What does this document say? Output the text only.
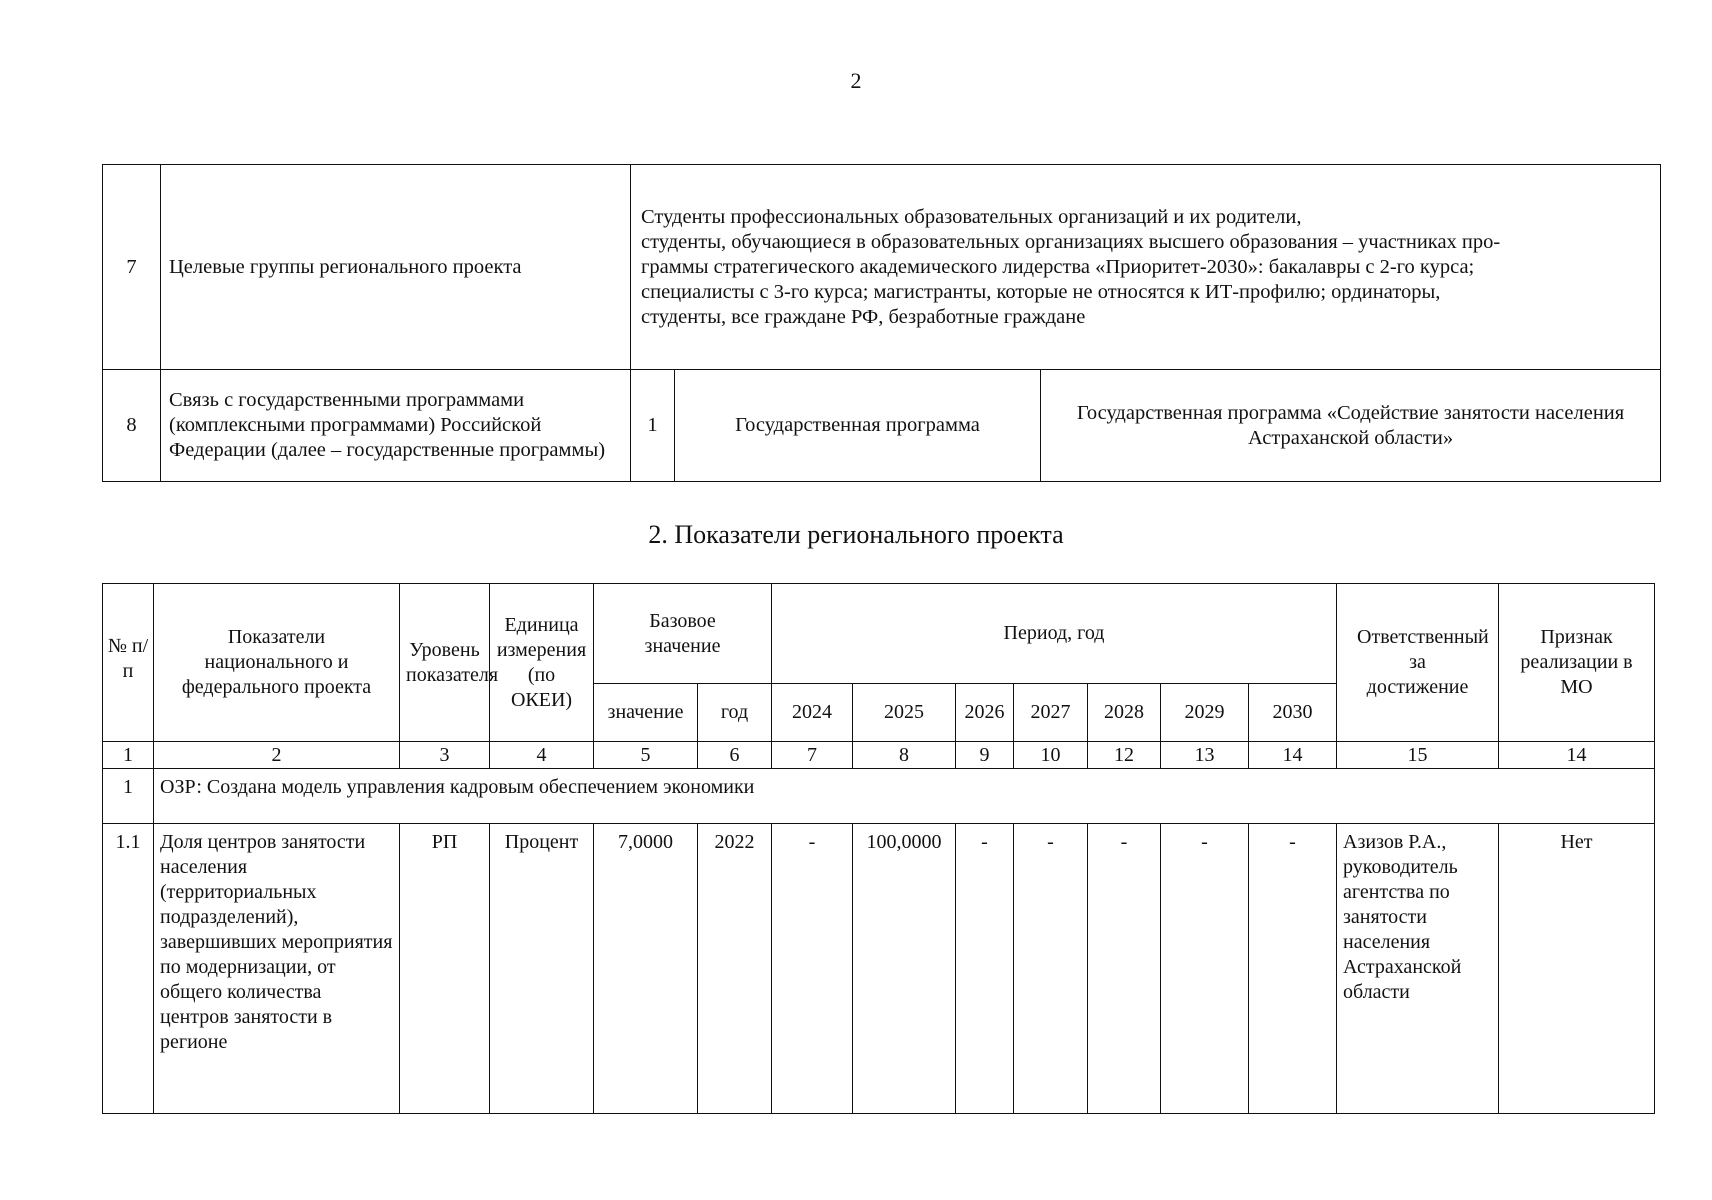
2
7	Целевые группы регионального проекта	Студенты профессиональных образовательных организаций и их родители,
студенты, обучающиеся в образовательных организациях высшего образования – участниках про-
граммы стратегического академического лидерства «Приоритет-2030»: бакалавры с 2-го курса;
специалисты с 3-го курса; магистранты, которые не относятся к ИТ-профилю; ординаторы,
студенты, все граждане РФ, безработные граждане		

8	Связь с государственными программами (комплексными программами) Российской Федерации (далее – государственные программы)	1	Государственная программа	Государственная программа «Содействие занятости населения Астраханской области»
2. Показатели регионального проекта
№ п/п	Показатели национального и федерального проекта	Уровень показателя	Единица измерения (по ОКЕИ)	Базовое значение		Период, год							Ответственный за достижение	Признак реализации в МО
				значение	год	2024	2025	2026	2027	2028	2029	2030		
1	2	3	4	5	6	7	8	9	10	12	13	14	15	14
1	ОЗР: Создана модель управления кадровым обеспечением экономики													
1.1	Доля центров занятости населения (территориальных подразделений), завершивших мероприятия по модернизации, от общего количества центров занятости в регионе	РП	Процент	7,0000	2022	-	100,0000	-	-	-	-	-	Азизов Р.А., руководитель агентства по занятости населения Астраханской области	Нет
